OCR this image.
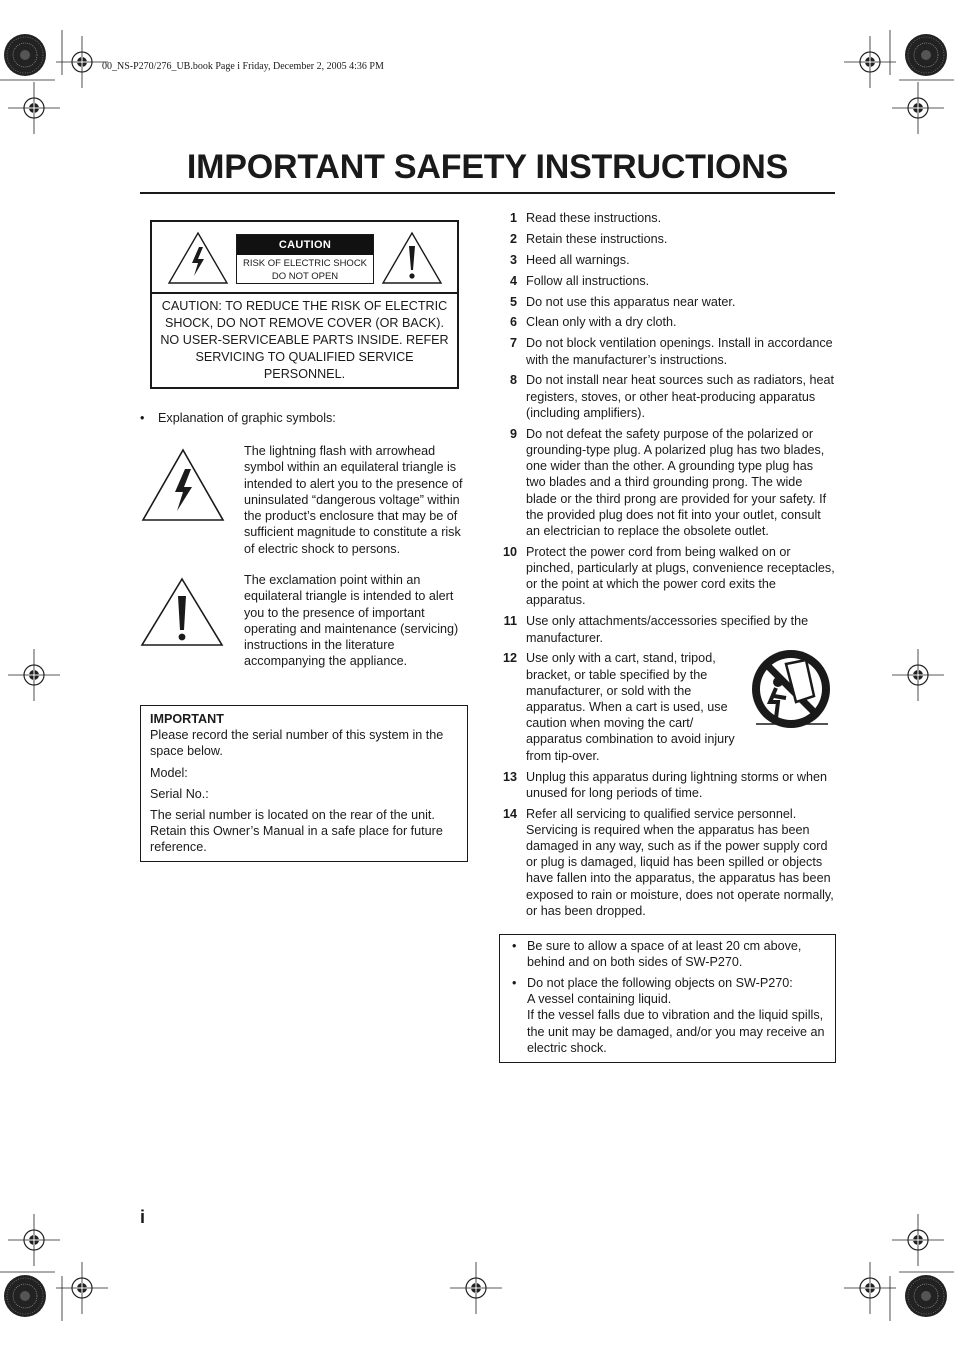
00_NS-P270/276_UB.book Page i Friday, December 2, 2005 4:36 PM
IMPORTANT SAFETY INSTRUCTIONS
CAUTION
RISK OF ELECTRIC SHOCK
DO NOT OPEN
CAUTION: TO REDUCE THE RISK OF ELECTRIC SHOCK, DO NOT REMOVE COVER (OR BACK). NO USER-SERVICEABLE PARTS INSIDE. REFER SERVICING TO QUALIFIED SERVICE PERSONNEL.
• Explanation of graphic symbols:
The lightning flash with arrowhead symbol within an equilateral triangle is intended to alert you to the presence of uninsulated “dangerous voltage” within the product’s enclosure that may be of sufficient magnitude to constitute a risk of electric shock to persons.
The exclamation point within an equilateral triangle is intended to alert you to the presence of important operating and maintenance (servicing) instructions in the literature accompanying the appliance.

IMPORTANT

Please record the serial number of this system in the space below.

Model:

Serial No.:

The serial number is located on the rear of the unit. Retain this Owner’s Manual in a safe place for future reference.

1 Read these instructions.
2 Retain these instructions.
3 Heed all warnings.
4 Follow all instructions.
5 Do not use this apparatus near water.
6 Clean only with a dry cloth.
7 Do not block ventilation openings. Install in accordance with the manufacturer’s instructions.
8 Do not install near heat sources such as radiators, heat registers, stoves, or other heat-producing apparatus (including amplifiers).
9 Do not defeat the safety purpose of the polarized or grounding-type plug. A polarized plug has two blades, one wider than the other. A grounding type plug has two blades and a third grounding prong. The wide blade or the third prong are provided for your safety. If the provided plug does not fit into your outlet, consult an electrician to replace the obsolete outlet.
10 Protect the power cord from being walked on or pinched, particularly at plugs, convenience receptacles, or the point at which the power cord exits the apparatus.
11 Use only attachments/accessories specified by the manufacturer.
12 Use only with a cart, stand, tripod, bracket, or table specified by the manufacturer, or sold with the apparatus. When a cart is used, use caution when moving the cart/ apparatus combination to avoid injury from tip-over.
13 Unplug this apparatus during lightning storms or when unused for long periods of time.
14 Refer all servicing to qualified service personnel. Servicing is required when the apparatus has been damaged in any way, such as if the power supply cord or plug is damaged, liquid has been spilled or objects have fallen into the apparatus, the apparatus has been exposed to rain or moisture, does not operate normally, or has been dropped.
• Be sure to allow a space of at least 20 cm above, behind and on both sides of SW-P270.
• Do not place the following objects on SW-P270:
A vessel containing liquid.
If the vessel falls due to vibration and the liquid spills, the unit may be damaged, and/or you may receive an electric shock.
i
